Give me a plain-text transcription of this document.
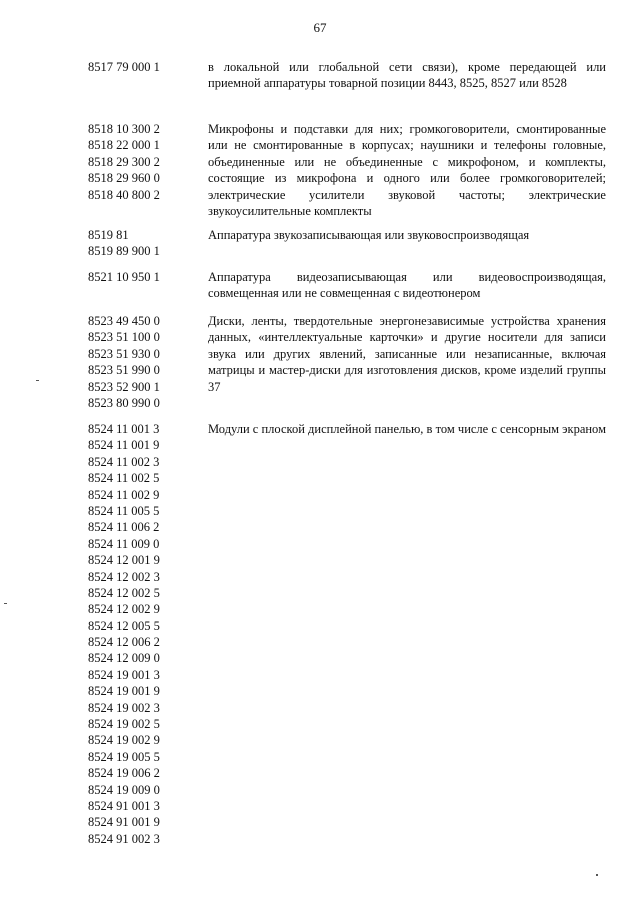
67
8517 79 000 1	в локальной или глобальной сети связи), кроме передающей или приемной аппаратуры товарной позиции 8443, 8525, 8527 или 8528
8518 10 300 2
8518 22 000 1
8518 29 300 2
8518 29 960 0
8518 40 800 2
Микрофоны и подставки для них; громкоговорители, смонтированные или не смонтированные в корпусах; наушники и телефоны головные, объединенные или не объединенные с микрофоном, и комплекты, состоящие из микрофона и одного или более громкоговорителей; электрические усилители звуковой частоты; электрические звукоусилительные комплекты
8519 81
8519 89 900 1
Аппаратура звукозаписывающая или звуковоспроизводящая
8521 10 950 1	Аппаратура видеозаписывающая или видеовоспроизводящая, совмещенная или не совмещенная с видеотюнером
8523 49 450 0
8523 51 100 0
8523 51 930 0
8523 51 990 0
8523 52 900 1
8523 80 990 0
Диски, ленты, твердотельные энергонезависимые устройства хранения данных, «интеллектуальные карточки» и другие носители для записи звука или других явлений, записанные или незаписанные, включая матрицы и мастер-диски для изготовления дисков, кроме изделий группы 37
8524 11 001 3
8524 11 001 9
8524 11 002 3
8524 11 002 5
8524 11 002 9
8524 11 005 5
8524 11 006 2
8524 11 009 0
8524 12 001 9
8524 12 002 3
8524 12 002 5
8524 12 002 9
8524 12 005 5
8524 12 006 2
8524 12 009 0
8524 19 001 3
8524 19 001 9
8524 19 002 3
8524 19 002 5
8524 19 002 9
8524 19 005 5
8524 19 006 2
8524 19 009 0
8524 91 001 3
8524 91 001 9
8524 91 002 3
Модули с плоской дисплейной панелью, в том числе с сенсорным экраном
